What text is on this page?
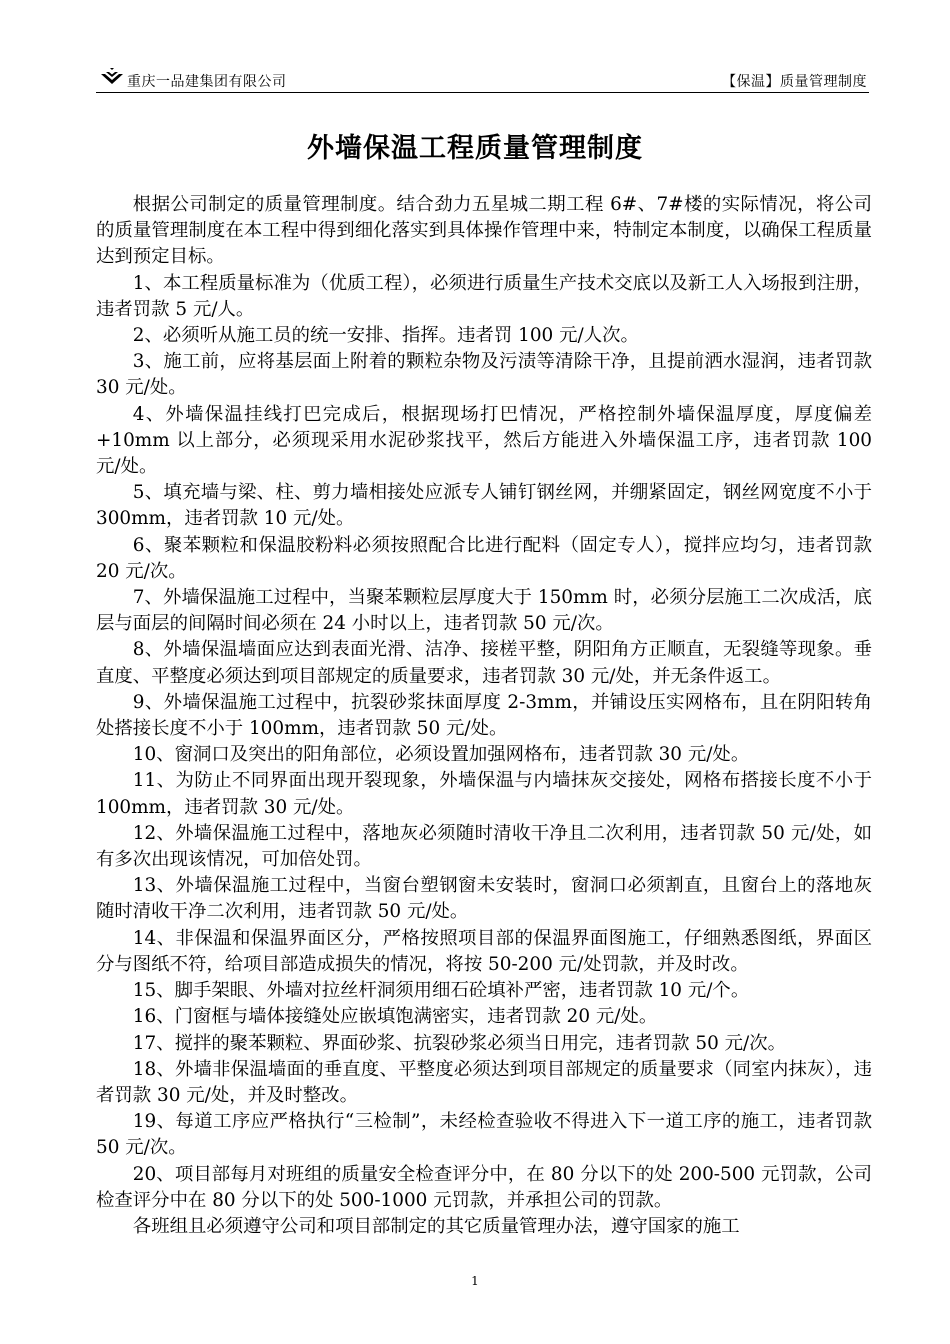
重庆一品建集团有限公司	【保温】质量管理制度
外墙保温工程质量管理制度

根据公司制定的质量管理制度。结合劲力五星城二期工程 6#、7#楼的实际情况，将公司的质量管理制度在本工程中得到细化落实到具体操作管理中来，特制定本制度，以确保工程质量达到预定目标。

1、本工程质量标准为（优质工程），必须进行质量生产技术交底以及新工人入场报到注册，违者罚款 5 元/人。

2、必须听从施工员的统一安排、指挥。违者罚 100 元/人次。

3、施工前，应将基层面上附着的颗粒杂物及污渍等清除干净，且提前洒水湿润，违者罚款 30 元/处。

4、外墙保温挂线打巴完成后，根据现场打巴情况，严格控制外墙保温厚度，厚度偏差+10mm 以上部分，必须现采用水泥砂浆找平，然后方能进入外墙保温工序，违者罚款 100 元/处。

5、填充墙与梁、柱、剪力墙相接处应派专人铺钉钢丝网，并绷紧固定，钢丝网宽度不小于 300mm，违者罚款 10 元/处。

6、聚苯颗粒和保温胶粉料必须按照配合比进行配料（固定专人），搅拌应均匀，违者罚款 20 元/次。

7、外墙保温施工过程中，当聚苯颗粒层厚度大于 150mm 时，必须分层施工二次成活，底层与面层的间隔时间必须在 24 小时以上，违者罚款 50 元/次。

8、外墙保温墙面应达到表面光滑、洁净、接槎平整，阴阳角方正顺直，无裂缝等现象。垂直度、平整度必须达到项目部规定的质量要求，违者罚款 30 元/处，并无条件返工。

9、外墙保温施工过程中，抗裂砂浆抹面厚度 2-3mm，并铺设压实网格布，且在阴阳转角处搭接长度不小于 100mm，违者罚款 50 元/处。

10、窗洞口及突出的阳角部位，必须设置加强网格布，违者罚款 30 元/处。

11、为防止不同界面出现开裂现象，外墙保温与内墙抹灰交接处，网格布搭接长度不小于 100mm，违者罚款 30 元/处。

12、外墙保温施工过程中，落地灰必须随时清收干净且二次利用，违者罚款 50 元/处，如有多次出现该情况，可加倍处罚。

13、外墙保温施工过程中，当窗台塑钢窗未安装时，窗洞口必须割直，且窗台上的落地灰随时清收干净二次利用，违者罚款 50 元/处。

14、非保温和保温界面区分，严格按照项目部的保温界面图施工，仔细熟悉图纸，界面区分与图纸不符，给项目部造成损失的情况，将按 50-200 元/处罚款，并及时改。

15、脚手架眼、外墙对拉丝杆洞须用细石砼填补严密，违者罚款 10 元/个。

16、门窗框与墙体接缝处应嵌填饱满密实，违者罚款 20 元/处。

17、搅拌的聚苯颗粒、界面砂浆、抗裂砂浆必须当日用完，违者罚款 50 元/次。

18、外墙非保温墙面的垂直度、平整度必须达到项目部规定的质量要求（同室内抹灰），违者罚款 30 元/处，并及时整改。

19、每道工序应严格执行“三检制”，未经检查验收不得进入下一道工序的施工，违者罚款 50 元/次。

20、项目部每月对班组的质量安全检查评分中，在 80 分以下的处 200-500 元罚款，公司检查评分中在 80 分以下的处 500-1000 元罚款，并承担公司的罚款。

各班组且必须遵守公司和项目部制定的其它质量管理办法，遵守国家的施工

1
